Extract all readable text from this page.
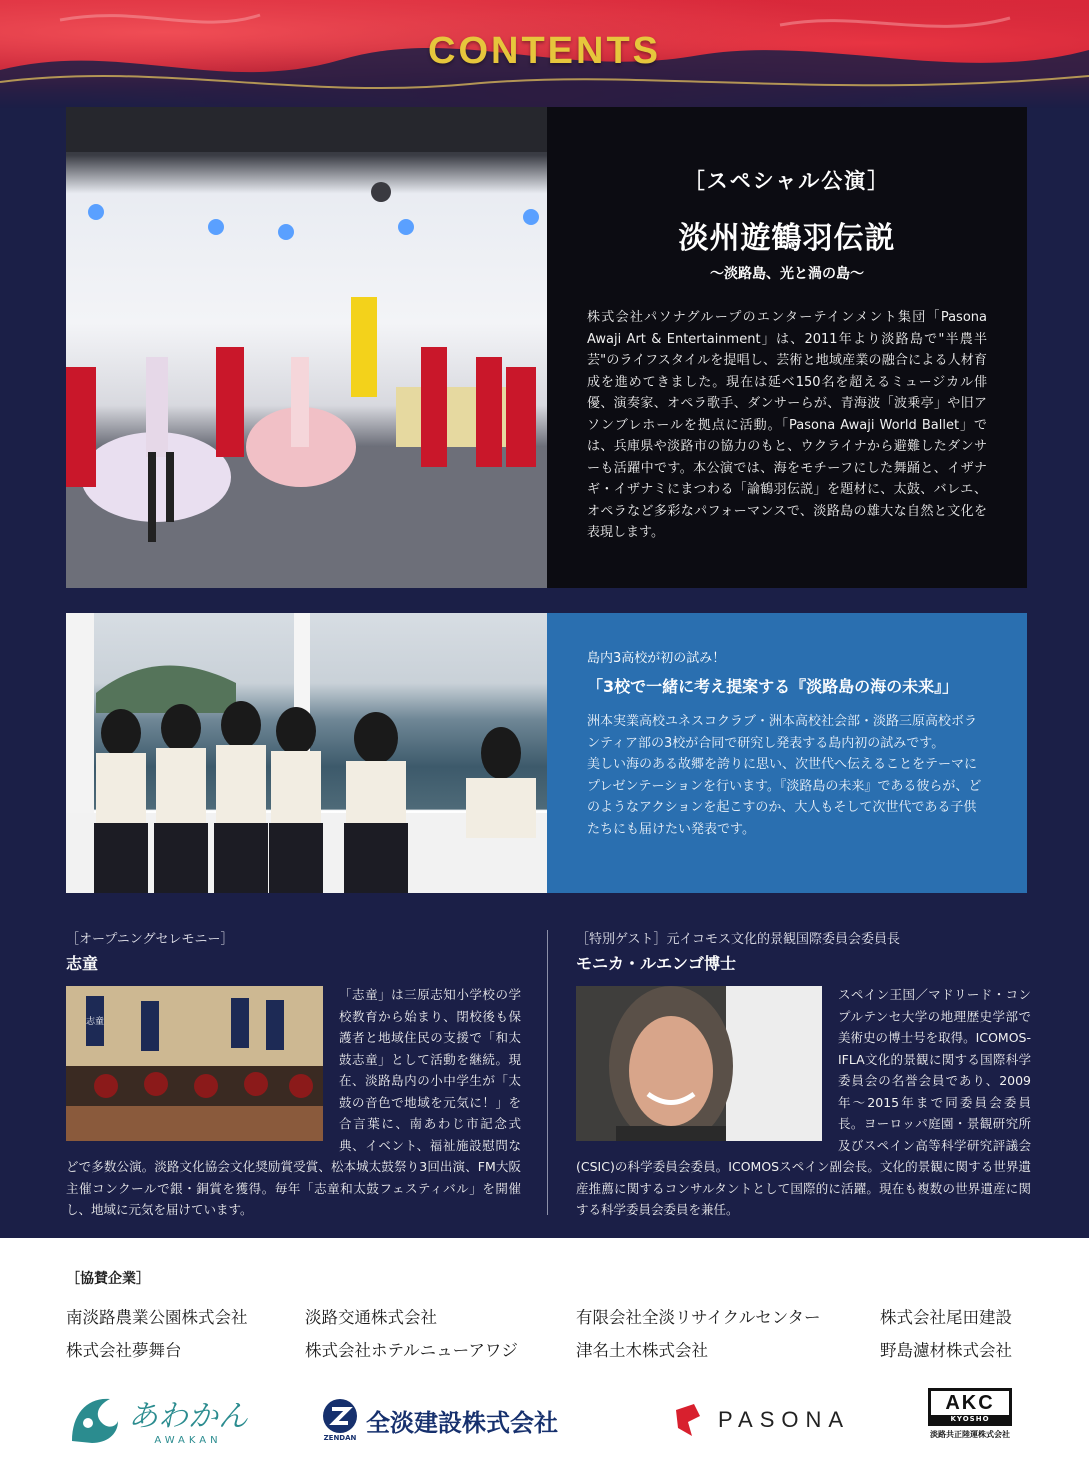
CONTENTS
［スペシャル公演］
淡州遊鶴羽伝説
～淡路島、光と渦の島～
株式会社パソナグループのエンターテインメント集団「Pasona Awaji Art & Entertainment」は、2011年より淡路島で"半農半芸"のライフスタイルを提唱し、芸術と地域産業の融合による人材育成を進めてきました。現在は延べ150名を超えるミュージカル俳優、演奏家、オペラ歌手、ダンサーらが、青海波「波乗亭」や旧アソンブレホールを拠点に活動。「Pasona Awaji World Ballet」では、兵庫県や淡路市の協力のもと、ウクライナから避難したダンサーも活躍中です。本公演では、海をモチーフにした舞踊と、イザナギ・イザナミにまつわる「論鶴羽伝説」を題材に、太鼓、バレエ、オペラなど多彩なパフォーマンスで、淡路島の雄大な自然と文化を表現します。
島内3高校が初の試み！
「3校で一緒に考え提案する『淡路島の海の未来』」
洲本実業高校ユネスコクラブ・洲本高校社会部・淡路三原高校ボランティア部の3校が合同で研究し発表する島内初の試みです。
美しい海のある故郷を誇りに思い、次世代へ伝えることをテーマにプレゼンテーションを行います。『淡路島の未来』である彼らが、どのようなアクションを起こすのか、大人もそして次世代である子供たちにも届けたい発表です。
［オープニングセレモニー］
志童
志童
「志童」は三原志知小学校の学校教育から始まり、閉校後も保護者と地域住民の支援で「和太鼓志童」として活動を継続。現在、淡路島内の小中学生が「太鼓の音色で地域を元気に！」を合言葉に、南あわじ市記念式典、イベント、福祉施設慰問などで多数公演。淡路文化協会文化奨励賞受賞、松本城太鼓祭り3回出演、FM大阪主催コンクールで銀・銅賞を獲得。毎年「志童和太鼓フェスティバル」を開催し、地域に元気を届けています。
［特別ゲスト］元イコモス文化的景観国際委員会委員長
モニカ・ルエンゴ博士
スペイン王国／マドリード・コンプルテンセ大学の地理歴史学部で美術史の博士号を取得。ICOMOS-IFLA文化的景観に関する国際科学委員会の名誉会員であり、2009年～2015年まで同委員会委員長。ヨーロッパ庭園・景観研究所及びスペイン高等科学研究評議会(CSIC)の科学委員会委員。ICOMOSスペイン副会長。文化的景観に関する世界遺産推薦に関するコンサルタントとして国際的に活躍。現在も複数の世界遺産に関する科学委員会委員を兼任。
［協賛企業］
南淡路農業公園株式会社	淡路交通株式会社	有限会社全淡リサイクルセンター	株式会社尾田建設
株式会社夢舞台	株式会社ホテルニューアワジ	津名土木株式会社	野島濾材株式会社
あわかん
AWAKAN	ZENDAN
全淡建設株式会社	PASONA
AKC
KYOSHO
淡路共正陸運株式会社
